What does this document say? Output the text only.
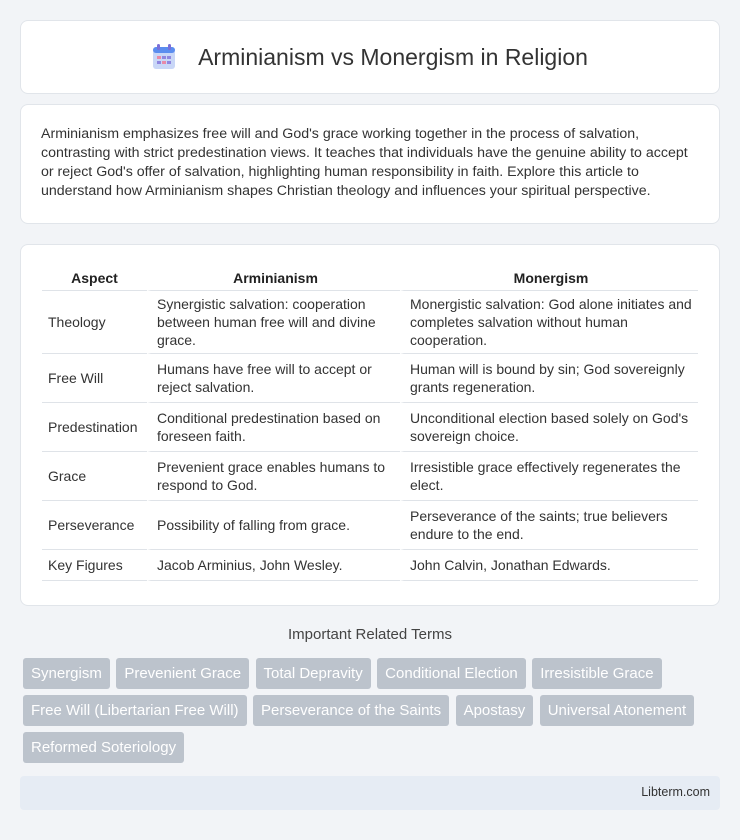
Arminianism vs Monergism in Religion

Arminianism emphasizes free will and God's grace working together in the process of salvation, contrasting with strict predestination views. It teaches that individuals have the genuine ability to accept or reject God's offer of salvation, highlighting human responsibility in faith. Explore this article to understand how Arminianism shapes Christian theology and influences your spiritual perspective.

Aspect	Arminianism	Monergism
Theology	Synergistic salvation: cooperation between human free will and divine grace.	Monergistic salvation: God alone initiates and completes salvation without human cooperation.
Free Will	Humans have free will to accept or reject salvation.	Human will is bound by sin; God sovereignly grants regeneration.
Predestination	Conditional predestination based on foreseen faith.	Unconditional election based solely on God's sovereign choice.
Grace	Prevenient grace enables humans to respond to God.	Irresistible grace effectively regenerates the elect.
Perseverance	Possibility of falling from grace.	Perseverance of the saints; true believers endure to the end.
Key Figures	Jacob Arminius, John Wesley.	John Calvin, Jonathan Edwards.
Important Related Terms
Synergism Prevenient Grace Total Depravity Conditional Election Irresistible Grace Free Will (Libertarian Free Will) Perseverance of the Saints Apostasy Universal Atonement Reformed Soteriology
Libterm.com
